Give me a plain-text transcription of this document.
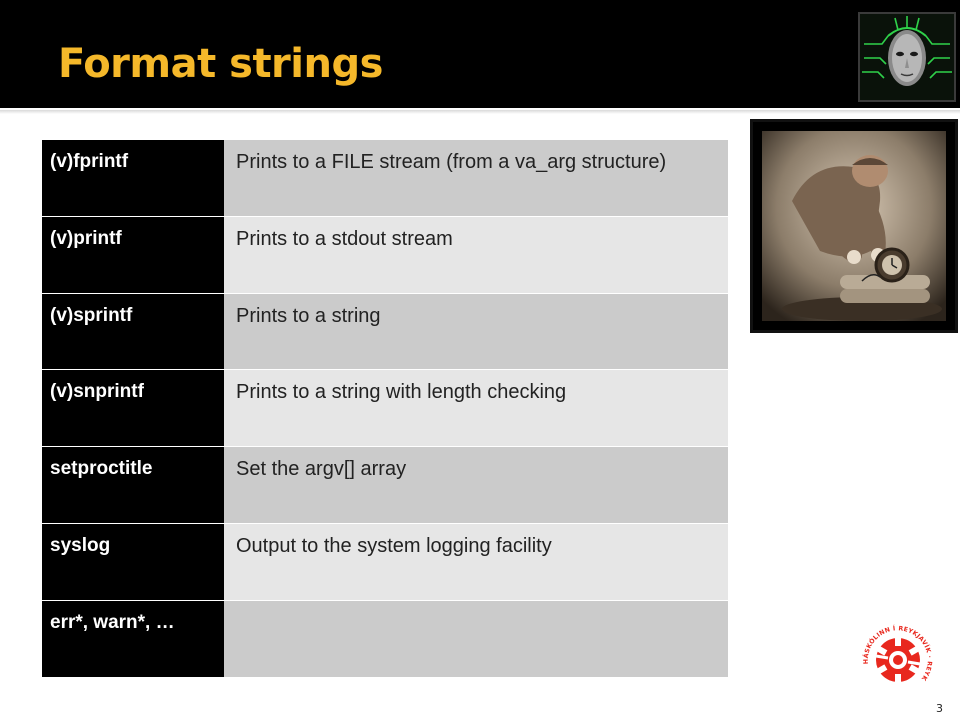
Format strings
(v)fprintf	Prints to a FILE stream (from a va_arg structure)
(v)printf	Prints to a stdout stream
(v)sprintf	Prints to a string
(v)snprintf	Prints to a string with length checking
setproctitle	Set the argv[] array
syslog	Output to the system logging facility
err*, warn*, …
HÁSKÓLINN Í REYKJAVÍK · REYK
3
